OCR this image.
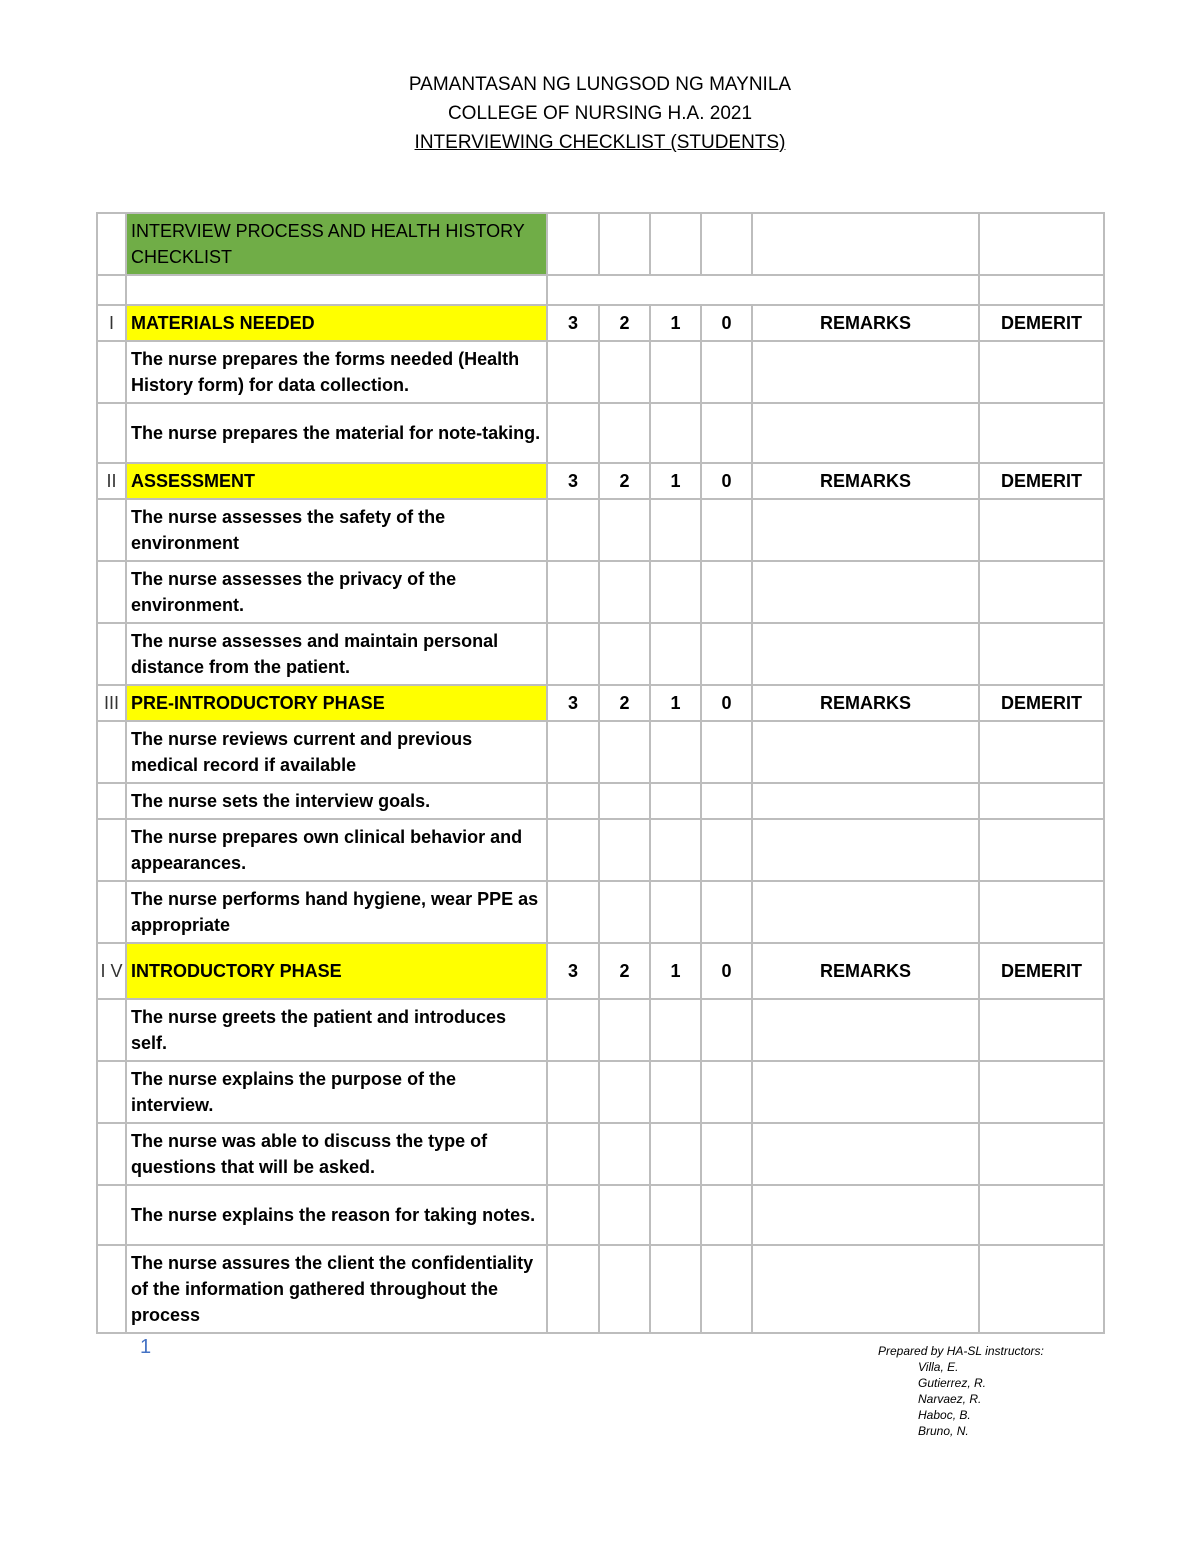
PAMANTASAN NG LUNGSOD NG MAYNILA
COLLEGE OF NURSING H.A. 2021
INTERVIEWING CHECKLIST (STUDENTS)
	INTERVIEW PROCESS AND HEALTH HISTORY CHECKLIST						

I	MATERIALS NEEDED	3	2	1	0	REMARKS	DEMERIT
	The nurse prepares the forms needed (Health History form) for data collection.						
	The nurse prepares the material for note-taking.						
II	ASSESSMENT	3	2	1	0	REMARKS	DEMERIT
	The nurse assesses the safety of the environment						
	The nurse assesses the privacy of the environment.						
	The nurse assesses and maintain personal distance from the patient.						
III	PRE-INTRODUCTORY PHASE	3	2	1	0	REMARKS	DEMERIT
	The nurse reviews current and previous medical record if available						
	The nurse sets the interview goals.						
	The nurse prepares own clinical behavior and appearances.						
	The nurse performs hand hygiene, wear PPE as appropriate						
I V	INTRODUCTORY PHASE	3	2	1	0	REMARKS	DEMERIT
	The nurse greets the patient and introduces self.						
	The nurse explains the purpose of the interview.						
	The nurse was able to discuss the type of questions that will be asked.						
	The nurse explains the reason for taking notes.						
	The nurse assures the client the confidentiality of the information gathered throughout the process						
1	Prepared by HA-SL instructors:
Villa, E.
Gutierrez, R.
Narvaez, R.
Haboc, B.
Bruno, N.
